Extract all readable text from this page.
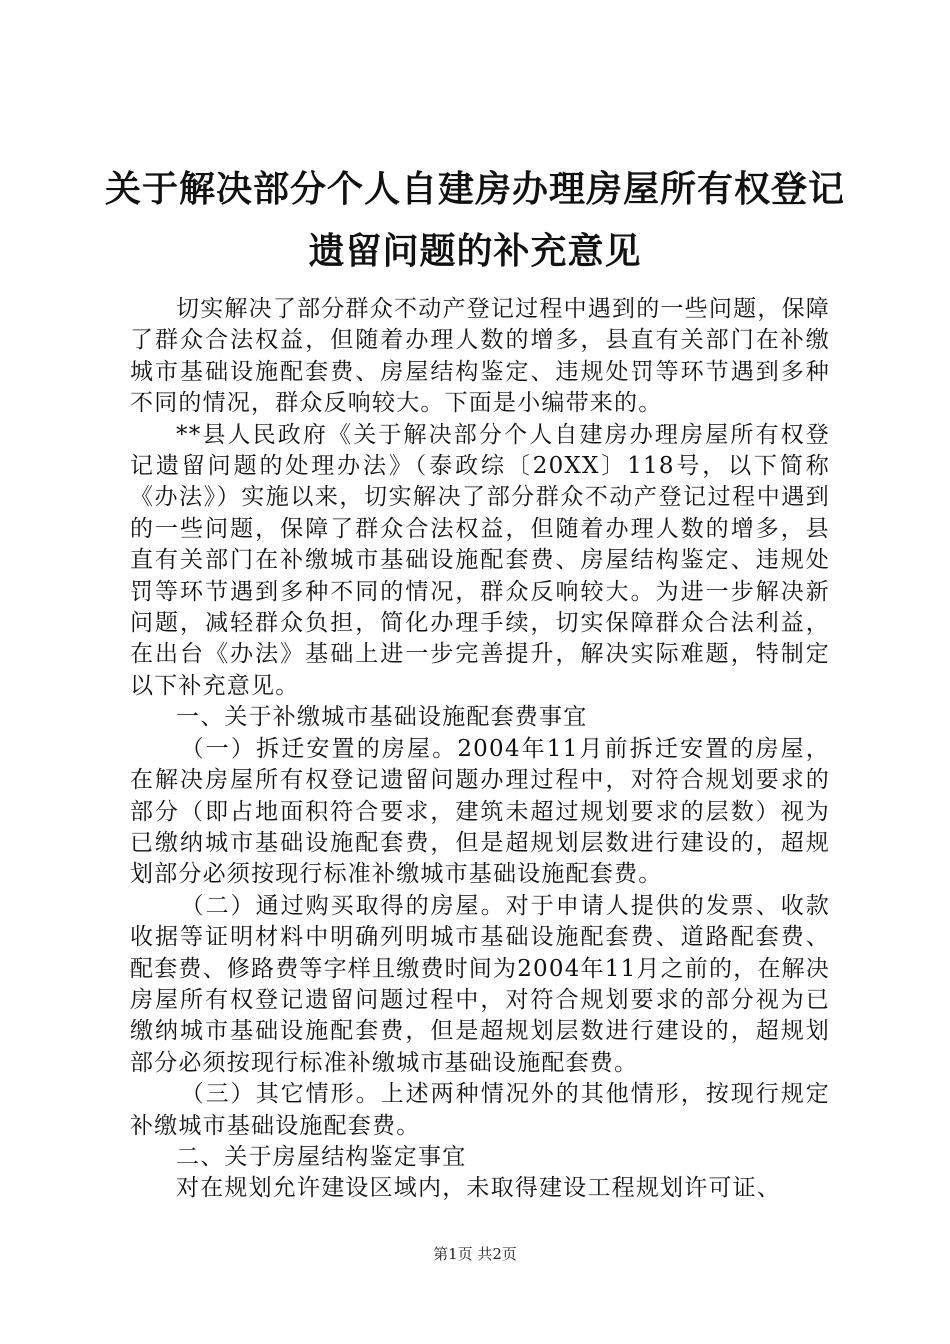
关于解决部分个人自建房办理房屋所有权登记
遗留问题的补充意见

切实解决了部分群众不动产登记过程中遇到的一些问题，保障了群众合法权益，但随着办理人数的增多，县直有关部门在补缴城市基础设施配套费、房屋结构鉴定、违规处罚等环节遇到多种不同的情况，群众反响较大。下面是小编带来的。

**县人民政府《关于解决部分个人自建房办理房屋所有权登记遗留问题的处理办法》（泰政综〔20XX〕118号，以下简称《办法》）实施以来，切实解决了部分群众不动产登记过程中遇到的一些问题，保障了群众合法权益，但随着办理人数的增多，县直有关部门在补缴城市基础设施配套费、房屋结构鉴定、违规处罚等环节遇到多种不同的情况，群众反响较大。为进一步解决新问题，减轻群众负担，简化办理手续，切实保障群众合法利益，在出台《办法》基础上进一步完善提升，解决实际难题，特制定以下补充意见。

一、关于补缴城市基础设施配套费事宜

（一）拆迁安置的房屋。2004年11月前拆迁安置的房屋，在解决房屋所有权登记遗留问题办理过程中，对符合规划要求的部分（即占地面积符合要求，建筑未超过规划要求的层数）视为已缴纳城市基础设施配套费，但是超规划层数进行建设的，超规划部分必须按现行标准补缴城市基础设施配套费。

（二）通过购买取得的房屋。对于申请人提供的发票、收款收据等证明材料中明确列明城市基础设施配套费、道路配套费、配套费、修路费等字样且缴费时间为2004年11月之前的，在解决房屋所有权登记遗留问题过程中，对符合规划要求的部分视为已缴纳城市基础设施配套费，但是超规划层数进行建设的，超规划部分必须按现行标准补缴城市基础设施配套费。

（三）其它情形。上述两种情况外的其他情形，按现行规定补缴城市基础设施配套费。

二、关于房屋结构鉴定事宜

对在规划允许建设区域内，未取得建设工程规划许可证、

第1页 共2页
